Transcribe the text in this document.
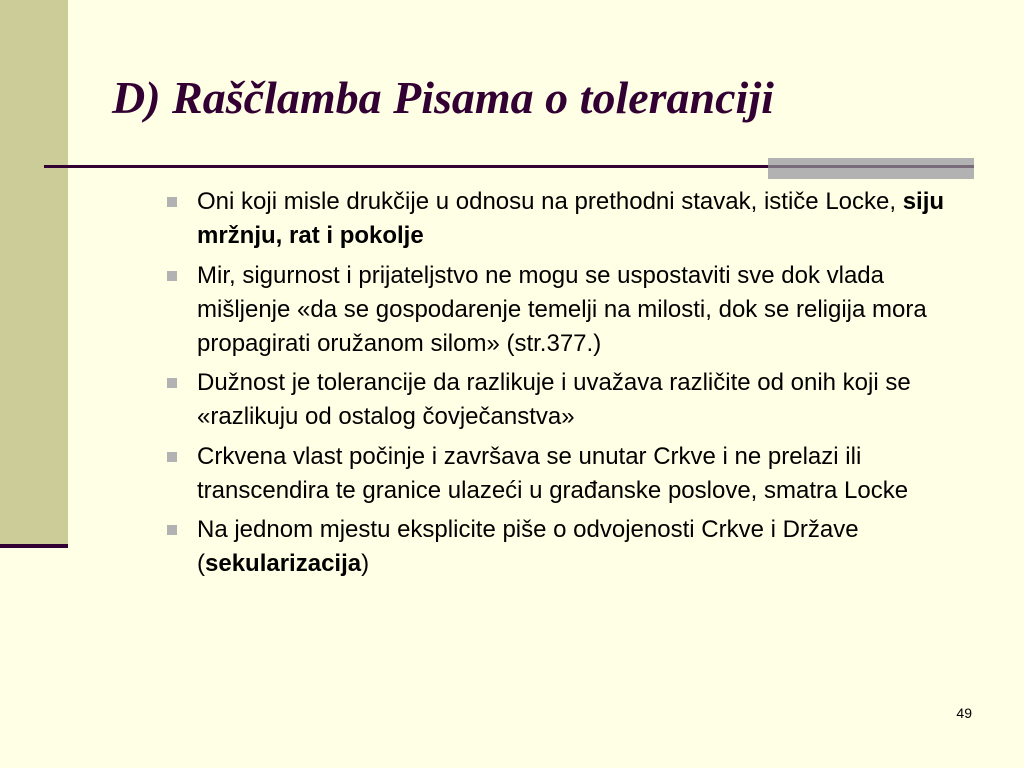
D) Raščlamba Pisama o toleranciji
Oni koji misle drukčije u odnosu na prethodni stavak, ističe Locke, siju mržnju, rat i pokolje
Mir, sigurnost i prijateljstvo ne mogu se uspostaviti sve dok vlada mišljenje «da se gospodarenje temelji na milosti, dok se religija mora propagirati oružanom silom» (str.377.)
Dužnost je tolerancije da razlikuje i uvažava različite od onih koji se «razlikuju od ostalog čovječanstva»
Crkvena vlast počinje i završava se unutar Crkve i ne prelazi ili transcendira te granice ulazeći u građanske poslove, smatra Locke
Na jednom mjestu eksplicite piše o odvojenosti Crkve i Države (sekularizacija)
49
